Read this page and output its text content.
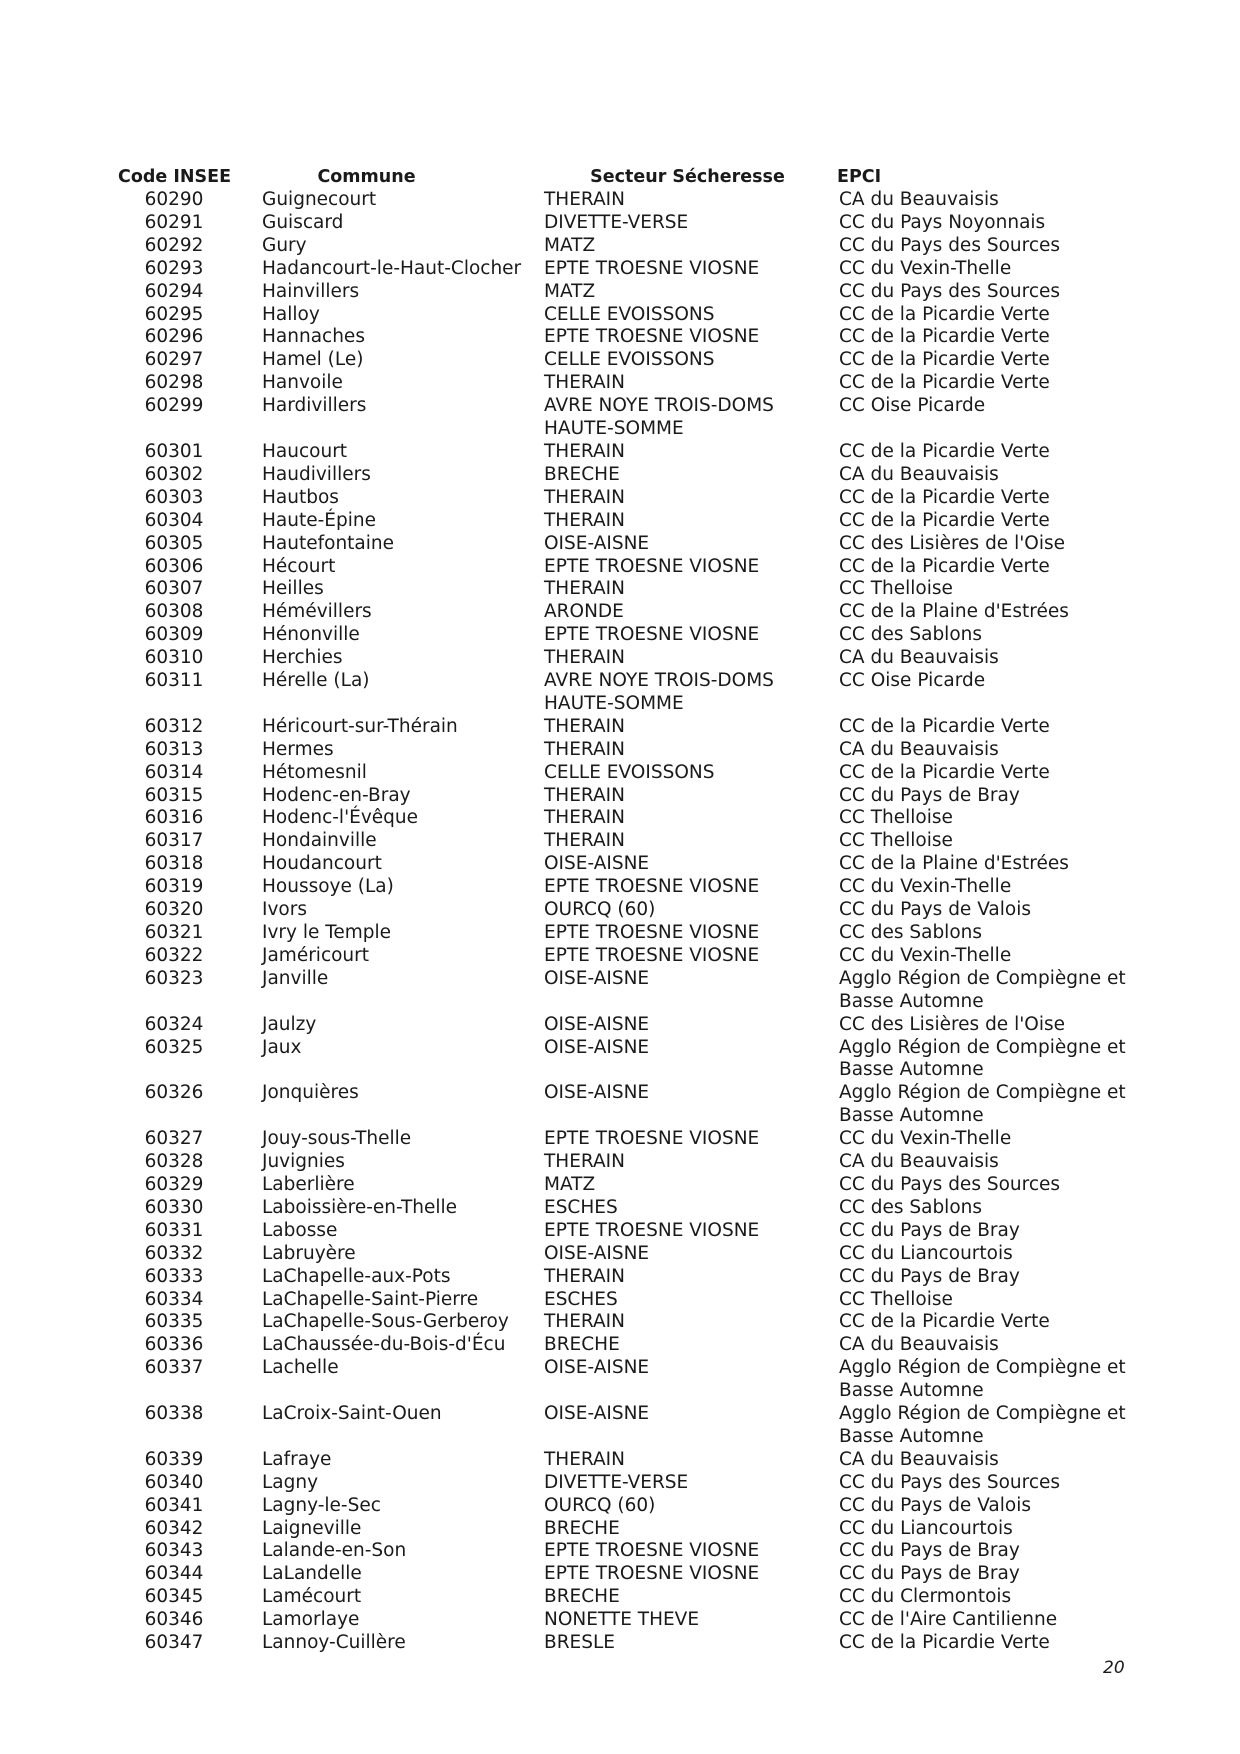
Code INSEE	Commune	Secteur Sécheresse	EPCI
60290	Guignecourt	THERAIN	CA du Beauvaisis
60291	Guiscard	DIVETTE-VERSE	CC du Pays Noyonnais
60292	Gury	MATZ	CC du Pays des Sources
60293	Hadancourt-le-Haut-Clocher	EPTE TROESNE VIOSNE	CC du Vexin-Thelle
60294	Hainvillers	MATZ	CC du Pays des Sources
60295	Halloy	CELLE EVOISSONS	CC de la Picardie Verte
60296	Hannaches	EPTE TROESNE VIOSNE	CC de la Picardie Verte
60297	Hamel (Le)	CELLE EVOISSONS	CC de la Picardie Verte
60298	Hanvoile	THERAIN	CC de la Picardie Verte
60299	Hardivillers	AVRE NOYE TROIS-DOMS HAUTE-SOMME	CC Oise Picarde
60301	Haucourt	THERAIN	CC de la Picardie Verte
60302	Haudivillers	BRECHE	CA du Beauvaisis
60303	Hautbos	THERAIN	CC de la Picardie Verte
60304	Haute-Épine	THERAIN	CC de la Picardie Verte
60305	Hautefontaine	OISE-AISNE	CC des Lisières de l'Oise
60306	Hécourt	EPTE TROESNE VIOSNE	CC de la Picardie Verte
60307	Heilles	THERAIN	CC Thelloise
60308	Hémévillers	ARONDE	CC de la Plaine d'Estrées
60309	Hénonville	EPTE TROESNE VIOSNE	CC des Sablons
60310	Herchies	THERAIN	CA du Beauvaisis
60311	Hérelle (La)	AVRE NOYE TROIS-DOMS HAUTE-SOMME	CC Oise Picarde
60312	Héricourt-sur-Thérain	THERAIN	CC de la Picardie Verte
60313	Hermes	THERAIN	CA du Beauvaisis
60314	Hétomesnil	CELLE EVOISSONS	CC de la Picardie Verte
60315	Hodenc-en-Bray	THERAIN	CC du Pays de Bray
60316	Hodenc-l'Évêque	THERAIN	CC Thelloise
60317	Hondainville	THERAIN	CC Thelloise
60318	Houdancourt	OISE-AISNE	CC de la Plaine d'Estrées
60319	Houssoye (La)	EPTE TROESNE VIOSNE	CC du Vexin-Thelle
60320	Ivors	OURCQ (60)	CC du Pays de Valois
60321	Ivry le Temple	EPTE TROESNE VIOSNE	CC des Sablons
60322	Jaméricourt	EPTE TROESNE VIOSNE	CC du Vexin-Thelle
60323	Janville	OISE-AISNE	Agglo Région de Compiègne et Basse Automne
60324	Jaulzy	OISE-AISNE	CC des Lisières de l'Oise
60325	Jaux	OISE-AISNE	Agglo Région de Compiègne et Basse Automne
60326	Jonquières	OISE-AISNE	Agglo Région de Compiègne et Basse Automne
60327	Jouy-sous-Thelle	EPTE TROESNE VIOSNE	CC du Vexin-Thelle
60328	Juvignies	THERAIN	CA du Beauvaisis
60329	Laberlière	MATZ	CC du Pays des Sources
60330	Laboissière-en-Thelle	ESCHES	CC des Sablons
60331	Labosse	EPTE TROESNE VIOSNE	CC du Pays de Bray
60332	Labruyère	OISE-AISNE	CC du Liancourtois
60333	LaChapelle-aux-Pots	THERAIN	CC du Pays de Bray
60334	LaChapelle-Saint-Pierre	ESCHES	CC Thelloise
60335	LaChapelle-Sous-Gerberoy	THERAIN	CC de la Picardie Verte
60336	LaChaussée-du-Bois-d'Écu	BRECHE	CA du Beauvaisis
60337	Lachelle	OISE-AISNE	Agglo Région de Compiègne et Basse Automne
60338	LaCroix-Saint-Ouen	OISE-AISNE	Agglo Région de Compiègne et Basse Automne
60339	Lafraye	THERAIN	CA du Beauvaisis
60340	Lagny	DIVETTE-VERSE	CC du Pays des Sources
60341	Lagny-le-Sec	OURCQ (60)	CC du Pays de Valois
60342	Laigneville	BRECHE	CC du Liancourtois
60343	Lalande-en-Son	EPTE TROESNE VIOSNE	CC du Pays de Bray
60344	LaLandelle	EPTE TROESNE VIOSNE	CC du Pays de Bray
60345	Lamécourt	BRECHE	CC du Clermontois
60346	Lamorlaye	NONETTE THEVE	CC de l'Aire Cantilienne
60347	Lannoy-Cuillère	BRESLE	CC de la Picardie Verte
20
